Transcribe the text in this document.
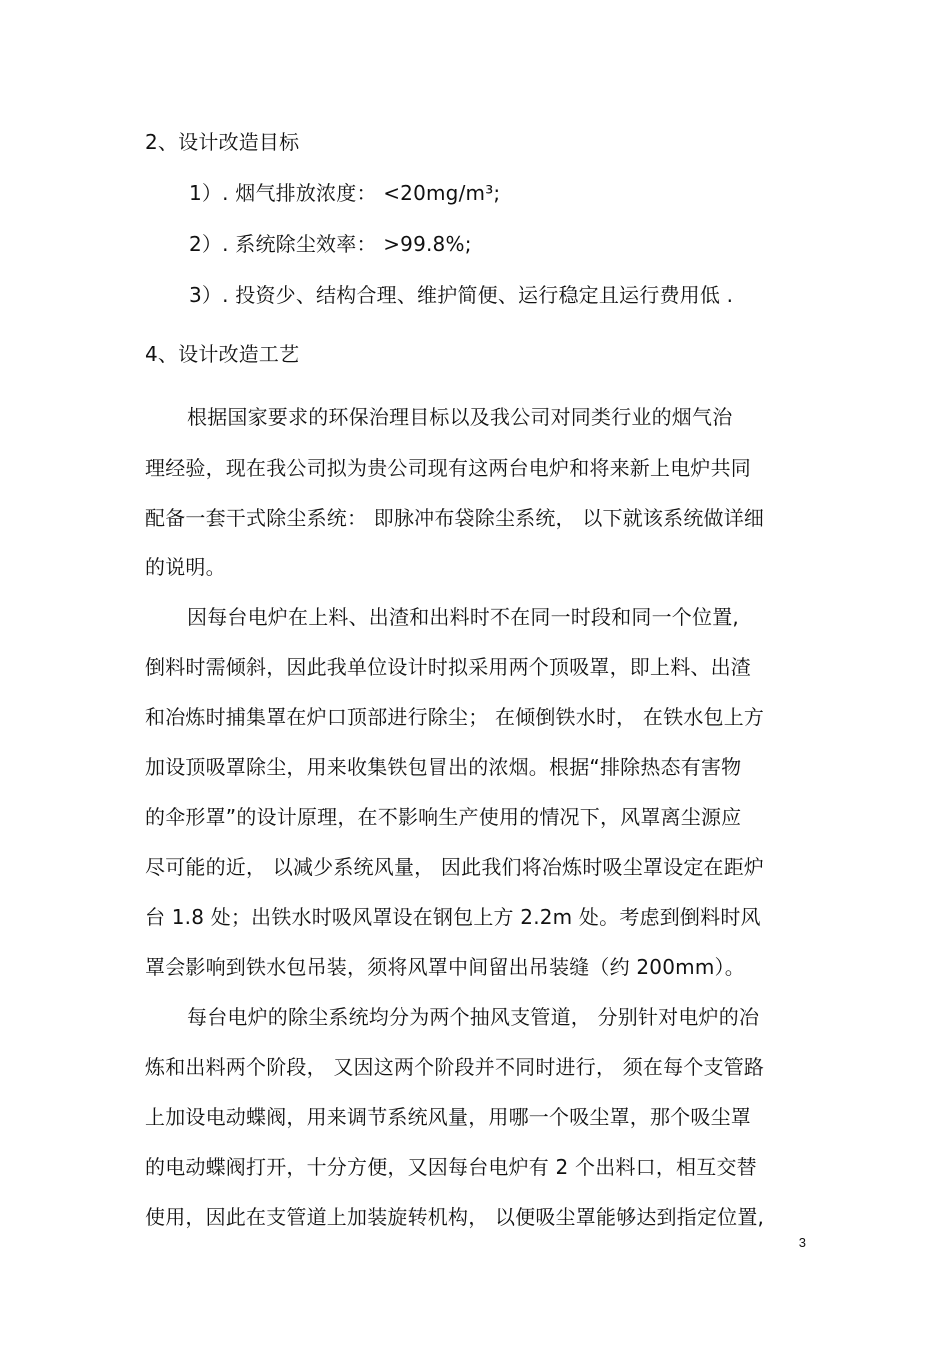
2、设计改造目标
1）. 烟气排放浓度： <20mg/m³;
2）. 系统除尘效率： >99.8%;
3）. 投资少、结构合理、维护简便、运行稳定且运行费用低 .
4、设计改造工艺
根据国家要求的环保治理目标以及我公司对同类行业的烟气治
理经验，现在我公司拟为贵公司现有这两台电炉和将来新上电炉共同
配备一套干式除尘系统： 即脉冲布袋除尘系统， 以下就该系统做详细
的说明。
因每台电炉在上料、出渣和出料时不在同一时段和同一个位置,
倒料时需倾斜，因此我单位设计时拟采用两个顶吸罩，即上料、出渣
和冶炼时捕集罩在炉口顶部进行除尘； 在倾倒铁水时， 在铁水包上方
加设顶吸罩除尘，用来收集铁包冒出的浓烟。根据“排除热态有害物
的伞形罩”的设计原理，在不影响生产使用的情况下，风罩离尘源应
尽可能的近， 以减少系统风量， 因此我们将冶炼时吸尘罩设定在距炉
台 1.8 处；出铁水时吸风罩设在钢包上方 2.2m 处。考虑到倒料时风
罩会影响到铁水包吊装，须将风罩中间留出吊装缝（约 200mm）。
每台电炉的除尘系统均分为两个抽风支管道， 分别针对电炉的冶
炼和出料两个阶段， 又因这两个阶段并不同时进行， 须在每个支管路
上加设电动蝶阀，用来调节系统风量，用哪一个吸尘罩，那个吸尘罩
的电动蝶阀打开，十分方便，又因每台电炉有 2 个出料口，相互交替
使用，因此在支管道上加装旋转机构， 以便吸尘罩能够达到指定位置,
3
